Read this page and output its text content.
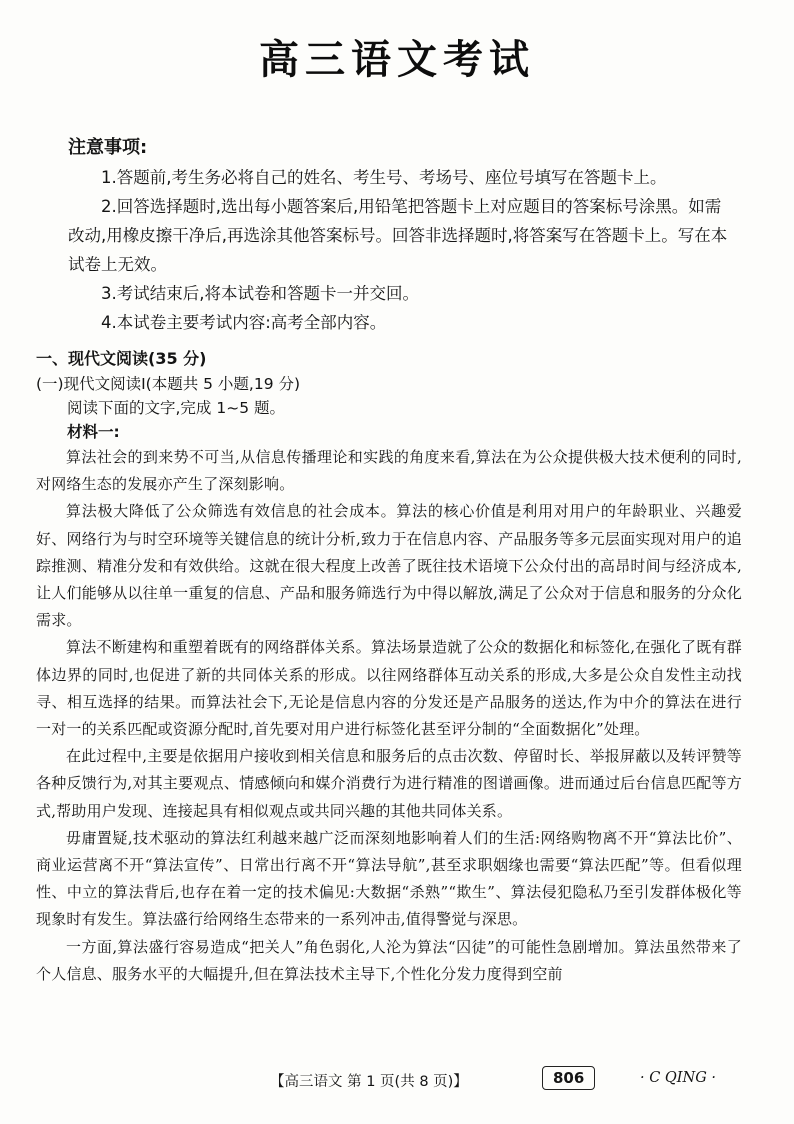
高三语文考试
注意事项:

1.答题前,考生务必将自己的姓名、考生号、考场号、座位号填写在答题卡上。

2.回答选择题时,选出每小题答案后,用铅笔把答题卡上对应题目的答案标号涂黑。如需改动,用橡皮擦干净后,再选涂其他答案标号。回答非选择题时,将答案写在答题卡上。写在本试卷上无效。

3.考试结束后,将本试卷和答题卡一并交回。

4.本试卷主要考试内容:高考全部内容。

一、现代文阅读(35 分)

(一)现代文阅读Ⅰ(本题共 5 小题,19 分)

阅读下面的文字,完成 1~5 题。

材料一:

算法社会的到来势不可当,从信息传播理论和实践的角度来看,算法在为公众提供极大技术便利的同时,对网络生态的发展亦产生了深刻影响。

算法极大降低了公众筛选有效信息的社会成本。算法的核心价值是利用对用户的年龄职业、兴趣爱好、网络行为与时空环境等关键信息的统计分析,致力于在信息内容、产品服务等多元层面实现对用户的追踪推测、精准分发和有效供给。这就在很大程度上改善了既往技术语境下公众付出的高昂时间与经济成本,让人们能够从以往单一重复的信息、产品和服务筛选行为中得以解放,满足了公众对于信息和服务的分众化需求。

算法不断建构和重塑着既有的网络群体关系。算法场景造就了公众的数据化和标签化,在强化了既有群体边界的同时,也促进了新的共同体关系的形成。以往网络群体互动关系的形成,大多是公众自发性主动找寻、相互选择的结果。而算法社会下,无论是信息内容的分发还是产品服务的送达,作为中介的算法在进行一对一的关系匹配或资源分配时,首先要对用户进行标签化甚至评分制的“全面数据化”处理。

在此过程中,主要是依据用户接收到相关信息和服务后的点击次数、停留时长、举报屏蔽以及转评赞等各种反馈行为,对其主要观点、情感倾向和媒介消费行为进行精准的图谱画像。进而通过后台信息匹配等方式,帮助用户发现、连接起具有相似观点或共同兴趣的其他共同体关系。

毋庸置疑,技术驱动的算法红利越来越广泛而深刻地影响着人们的生活:网络购物离不开“算法比价”、商业运营离不开“算法宣传”、日常出行离不开“算法导航”,甚至求职姻缘也需要“算法匹配”等。但看似理性、中立的算法背后,也存在着一定的技术偏见:大数据“杀熟”“欺生”、算法侵犯隐私乃至引发群体极化等现象时有发生。算法盛行给网络生态带来的一系列冲击,值得警觉与深思。

一方面,算法盛行容易造成“把关人”角色弱化,人沦为算法“囚徒”的可能性急剧增加。算法虽然带来了个人信息、服务水平的大幅提升,但在算法技术主导下,个性化分发力度得到空前

【高三语文 第 1 页(共 8 页)】	806	· C QING ·
